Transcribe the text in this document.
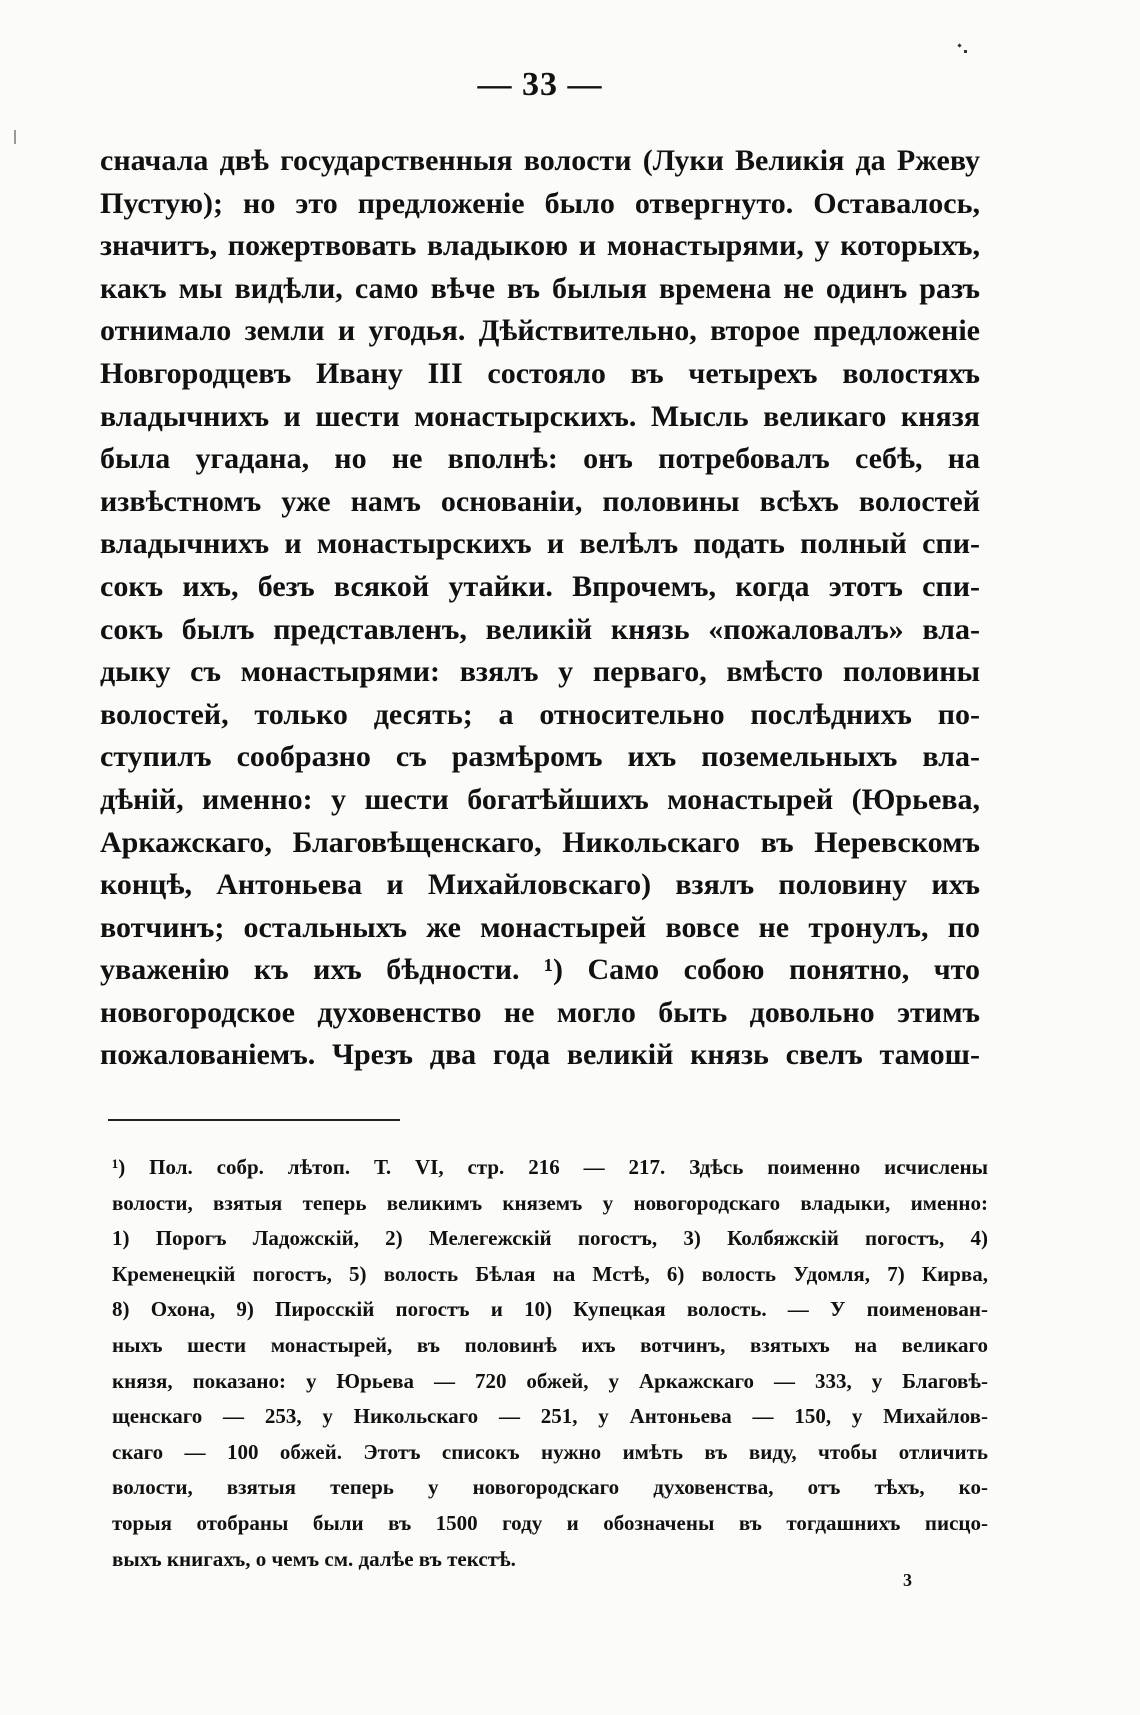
— 33 —
сначала двѣ государственныя волости (Луки Великія да Ржеву
Пустую); но это предложеніе было отвергнуто. Оставалось,
значитъ, пожертвовать владыкою и монастырями, у которыхъ,
какъ мы видѣли, само вѣче въ былыя времена не одинъ разъ
отнимало земли и угодья. Дѣйствительно, второе предложеніе
Новгородцевъ Ивану III состояло въ четырехъ волостяхъ
владычнихъ и шести монастырскихъ. Мысль великаго князя
была угадана, но не вполнѣ: онъ потребовалъ себѣ, на
извѣстномъ уже намъ основаніи, половины всѣхъ волостей
владычнихъ и монастырскихъ и велѣлъ подать полный спи-
сокъ ихъ, безъ всякой утайки. Впрочемъ, когда этотъ спи-
сокъ былъ представленъ, великій князь «пожаловалъ» вла-
дыку съ монастырями: взялъ у перваго, вмѣсто половины
волостей, только десять; а относительно послѣднихъ по-
ступилъ сообразно съ размѣромъ ихъ поземельныхъ вла-
дѣній, именно: у шести богатѣйшихъ монастырей (Юрьева,
Аркажскаго, Благовѣщенскаго, Никольскаго въ Неревскомъ
концѣ, Антоньева и Михайловскаго) взялъ половину ихъ
вотчинъ; остальныхъ же монастырей вовсе не тронулъ, по
уваженію къ ихъ бѣдности. ¹) Само собою понятно, что
новогородское духовенство не могло быть довольно этимъ
пожалованіемъ. Чрезъ два года великій князь свелъ тамош-
¹) Пол. собр. лѣтоп. Т. VI, стр. 216 — 217. Здѣсь поименно исчислены
волости, взятыя теперь великимъ княземъ у новогородскаго владыки, именно:
1) Порогъ Ладожскій, 2) Мелегежскій погостъ, 3) Колбяжскій погостъ, 4)
Кременецкій погостъ, 5) волость Бѣлая на Мстѣ, 6) волость Удомля, 7) Кирва,
8) Охона, 9) Пиросскій погостъ и 10) Купецкая волость. — У поименован-
ныхъ шести монастырей, въ половинѣ ихъ вотчинъ, взятыхъ на великаго
князя, показано: у Юрьева — 720 обжей, у Аркажскаго — 333, у Благовѣ-
щенскаго — 253, у Никольскаго — 251, у Антоньева — 150, у Михайлов-
скаго — 100 обжей. Этотъ списокъ нужно имѣть въ виду, чтобы отличить
волости, взятыя теперь у новогородскаго духовенства, отъ тѣхъ, ко-
торыя отобраны были въ 1500 году и обозначены въ тогдашнихъ писцо-
выхъ книгахъ, о чемъ см. далѣе въ текстѣ.
3
